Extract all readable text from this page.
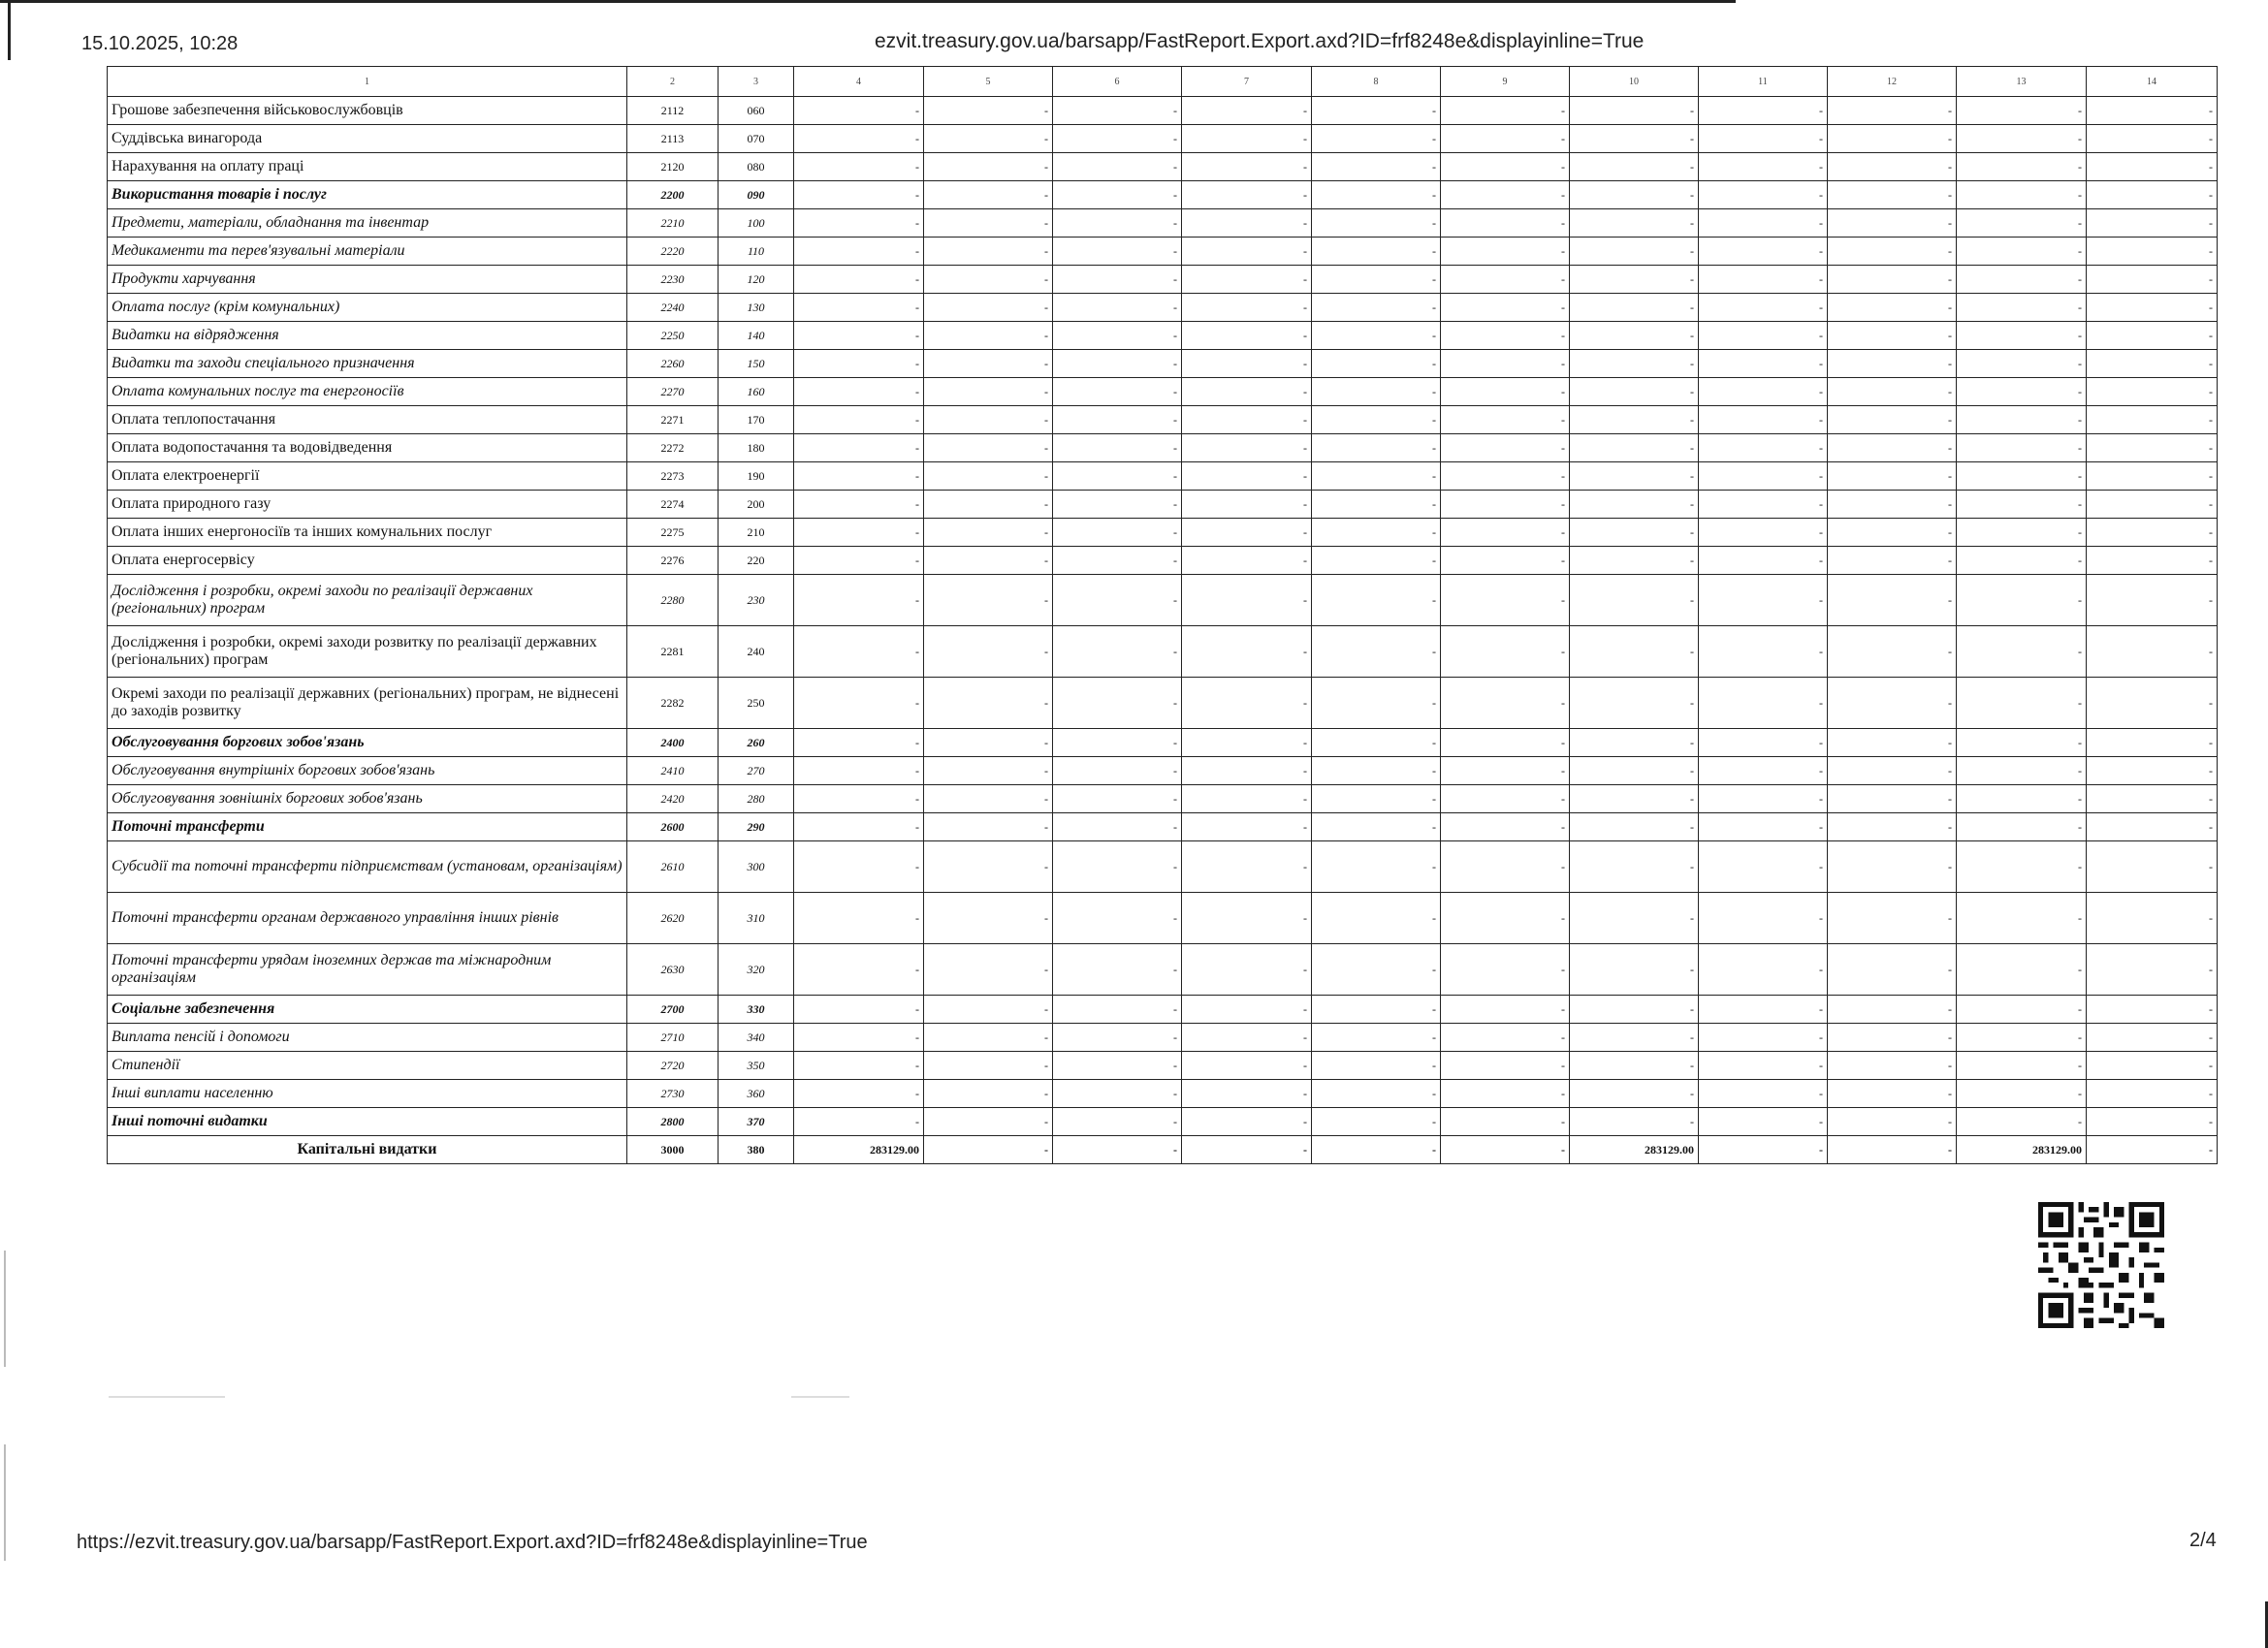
15.10.2025, 10:28	ezvit.treasury.gov.ua/barsapp/FastReport.Export.axd?ID=frf8248e&displayinline=True
1	2	3	4	5	6	7	8	9	10	11	12	13	14
Грошове забезпечення військовослужбовців	2112	060	-	-	-	-	-	-	-	-	-	-	-
Суддівська винагорода	2113	070	-	-	-	-	-	-	-	-	-	-	-
Нарахування на оплату праці	2120	080	-	-	-	-	-	-	-	-	-	-	-
Використання товарів і послуг	2200	090	-	-	-	-	-	-	-	-	-	-	-
Предмети, матеріали, обладнання та інвентар	2210	100	-	-	-	-	-	-	-	-	-	-	-
Медикаменти та перев'язувальні матеріали	2220	110	-	-	-	-	-	-	-	-	-	-	-
Продукти харчування	2230	120	-	-	-	-	-	-	-	-	-	-	-
Оплата послуг (крім комунальних)	2240	130	-	-	-	-	-	-	-	-	-	-	-
Видатки на відрядження	2250	140	-	-	-	-	-	-	-	-	-	-	-
Видатки та заходи спеціального призначення	2260	150	-	-	-	-	-	-	-	-	-	-	-
Оплата комунальних послуг та енергоносіїв	2270	160	-	-	-	-	-	-	-	-	-	-	-
Оплата теплопостачання	2271	170	-	-	-	-	-	-	-	-	-	-	-
Оплата водопостачання та водовідведення	2272	180	-	-	-	-	-	-	-	-	-	-	-
Оплата електроенергії	2273	190	-	-	-	-	-	-	-	-	-	-	-
Оплата природного газу	2274	200	-	-	-	-	-	-	-	-	-	-	-
Оплата інших енергоносіїв та інших комунальних послуг	2275	210	-	-	-	-	-	-	-	-	-	-	-
Оплата енергосервісу	2276	220	-	-	-	-	-	-	-	-	-	-	-
Дослідження і розробки, окремі заходи по реалізації державних (регіональних) програм	2280	230	-	-	-	-	-	-	-	-	-	-	-
Дослідження і розробки, окремі заходи розвитку по реалізації державних (регіональних) програм	2281	240	-	-	-	-	-	-	-	-	-	-	-
Окремі заходи по реалізації державних (регіональних) програм, не віднесені до заходів розвитку	2282	250	-	-	-	-	-	-	-	-	-	-	-
Обслуговування боргових зобов'язань	2400	260	-	-	-	-	-	-	-	-	-	-	-
Обслуговування внутрішніх боргових зобов'язань	2410	270	-	-	-	-	-	-	-	-	-	-	-
Обслуговування зовнішніх боргових зобов'язань	2420	280	-	-	-	-	-	-	-	-	-	-	-
Поточні трансферти	2600	290	-	-	-	-	-	-	-	-	-	-	-
Субсидії та поточні трансферти підприємствам (установам, організаціям)	2610	300	-	-	-	-	-	-	-	-	-	-	-
Поточні трансферти органам державного управління інших рівнів	2620	310	-	-	-	-	-	-	-	-	-	-	-
Поточні трансферти урядам іноземних держав та міжнародним організаціям	2630	320	-	-	-	-	-	-	-	-	-	-	-
Соціальне забезпечення	2700	330	-	-	-	-	-	-	-	-	-	-	-
Виплата пенсій і допомоги	2710	340	-	-	-	-	-	-	-	-	-	-	-
Стипендії	2720	350	-	-	-	-	-	-	-	-	-	-	-
Інші виплати населенню	2730	360	-	-	-	-	-	-	-	-	-	-	-
Інші поточні видатки	2800	370	-	-	-	-	-	-	-	-	-	-	-
Капітальні видатки	3000	380	283129.00	-	-	-	-	-	283129.00	-	-	283129.00	-
https://ezvit.treasury.gov.ua/barsapp/FastReport.Export.axd?ID=frf8248e&displayinline=True	2/4
